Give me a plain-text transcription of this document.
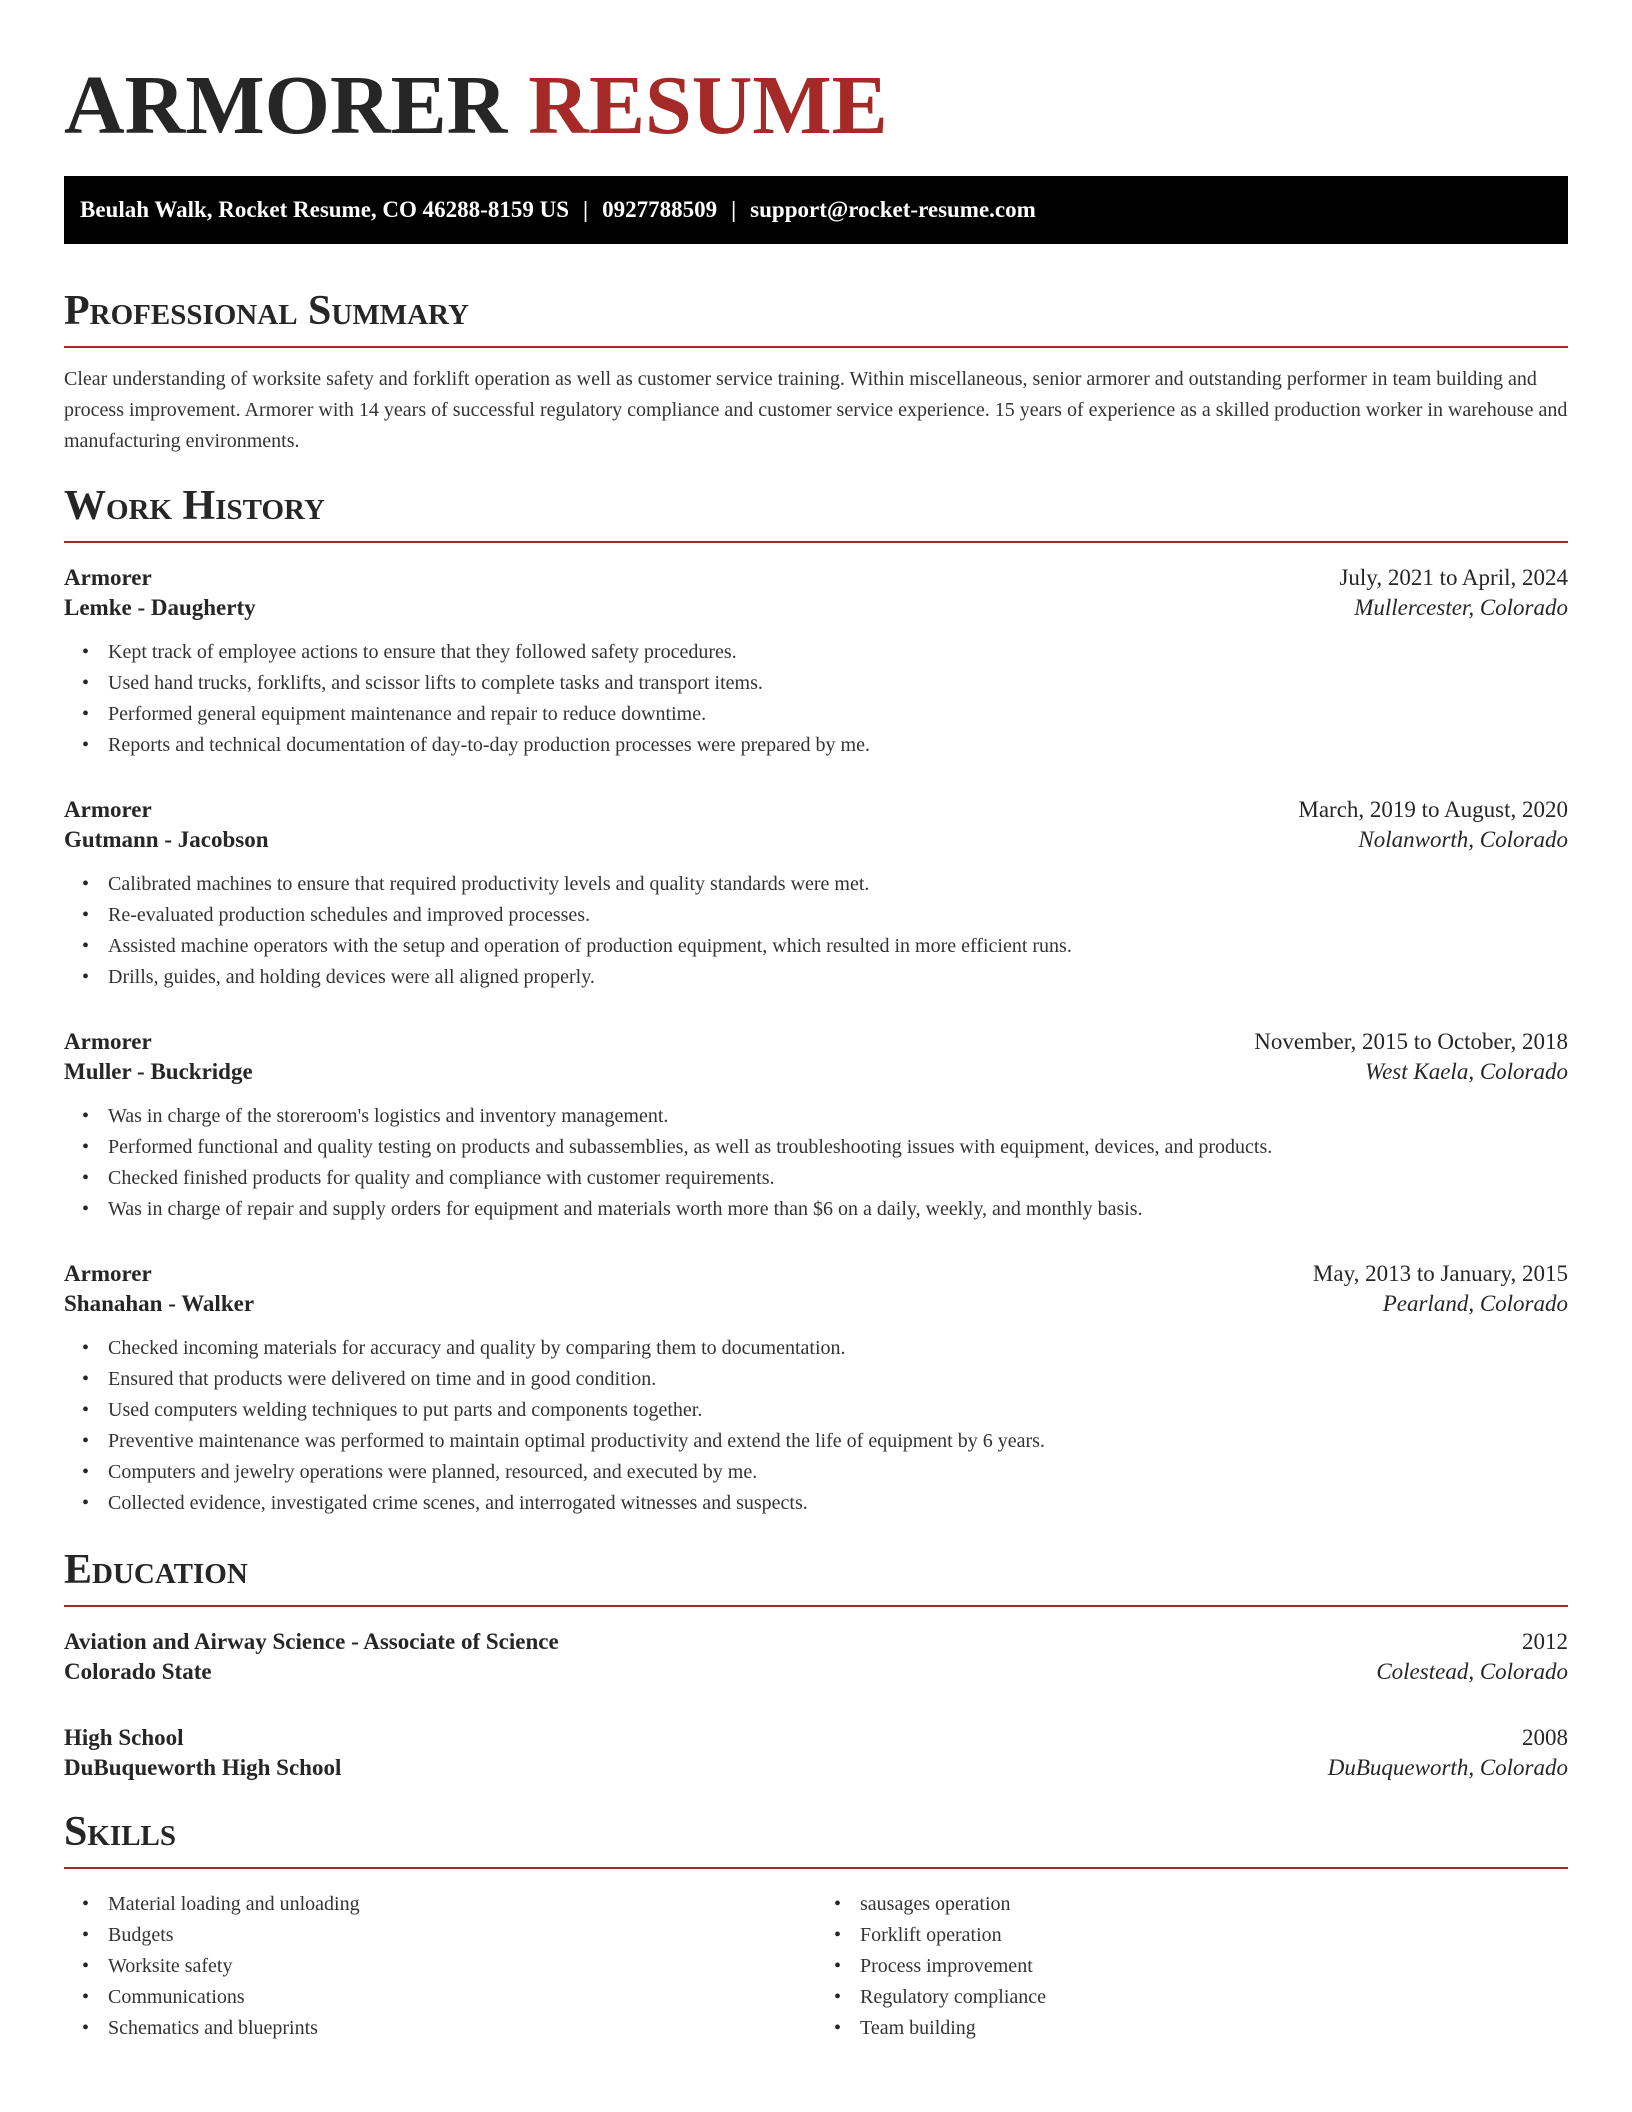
ARMORER RESUME
Beulah Walk, Rocket Resume, CO 46288-8159 US | 0927788509 | support@rocket-resume.com
Professional Summary

Clear understanding of worksite safety and forklift operation as well as customer service training. Within miscellaneous, senior armorer and outstanding performer in team building and process improvement. Armorer with 14 years of successful regulatory compliance and customer service experience. 15 years of experience as a skilled production worker in warehouse and manufacturing environments.

Work History
Armorer	July, 2021 to April, 2024
Lemke - Daugherty	Mullercester, Colorado
• Kept track of employee actions to ensure that they followed safety procedures.
• Used hand trucks, forklifts, and scissor lifts to complete tasks and transport items.
• Performed general equipment maintenance and repair to reduce downtime.
• Reports and technical documentation of day-to-day production processes were prepared by me.
Armorer	March, 2019 to August, 2020
Gutmann - Jacobson	Nolanworth, Colorado
• Calibrated machines to ensure that required productivity levels and quality standards were met.
• Re-evaluated production schedules and improved processes.
• Assisted machine operators with the setup and operation of production equipment, which resulted in more efficient runs.
• Drills, guides, and holding devices were all aligned properly.
Armorer	November, 2015 to October, 2018
Muller - Buckridge	West Kaela, Colorado
• Was in charge of the storeroom's logistics and inventory management.
• Performed functional and quality testing on products and subassemblies, as well as troubleshooting issues with equipment, devices, and products.
• Checked finished products for quality and compliance with customer requirements.
• Was in charge of repair and supply orders for equipment and materials worth more than $6 on a daily, weekly, and monthly basis.
Armorer	May, 2013 to January, 2015
Shanahan - Walker	Pearland, Colorado
• Checked incoming materials for accuracy and quality by comparing them to documentation.
• Ensured that products were delivered on time and in good condition.
• Used computers welding techniques to put parts and components together.
• Preventive maintenance was performed to maintain optimal productivity and extend the life of equipment by 6 years.
• Computers and jewelry operations were planned, resourced, and executed by me.
• Collected evidence, investigated crime scenes, and interrogated witnesses and suspects.
Education
Aviation and Airway Science - Associate of Science	2012
Colorado State	Colestead, Colorado
High School	2008
DuBuqueworth High School	DuBuqueworth, Colorado
Skills
• Material loading and unloading
• Budgets
• Worksite safety
• Communications
• Schematics and blueprints
• sausages operation
• Forklift operation
• Process improvement
• Regulatory compliance
• Team building
